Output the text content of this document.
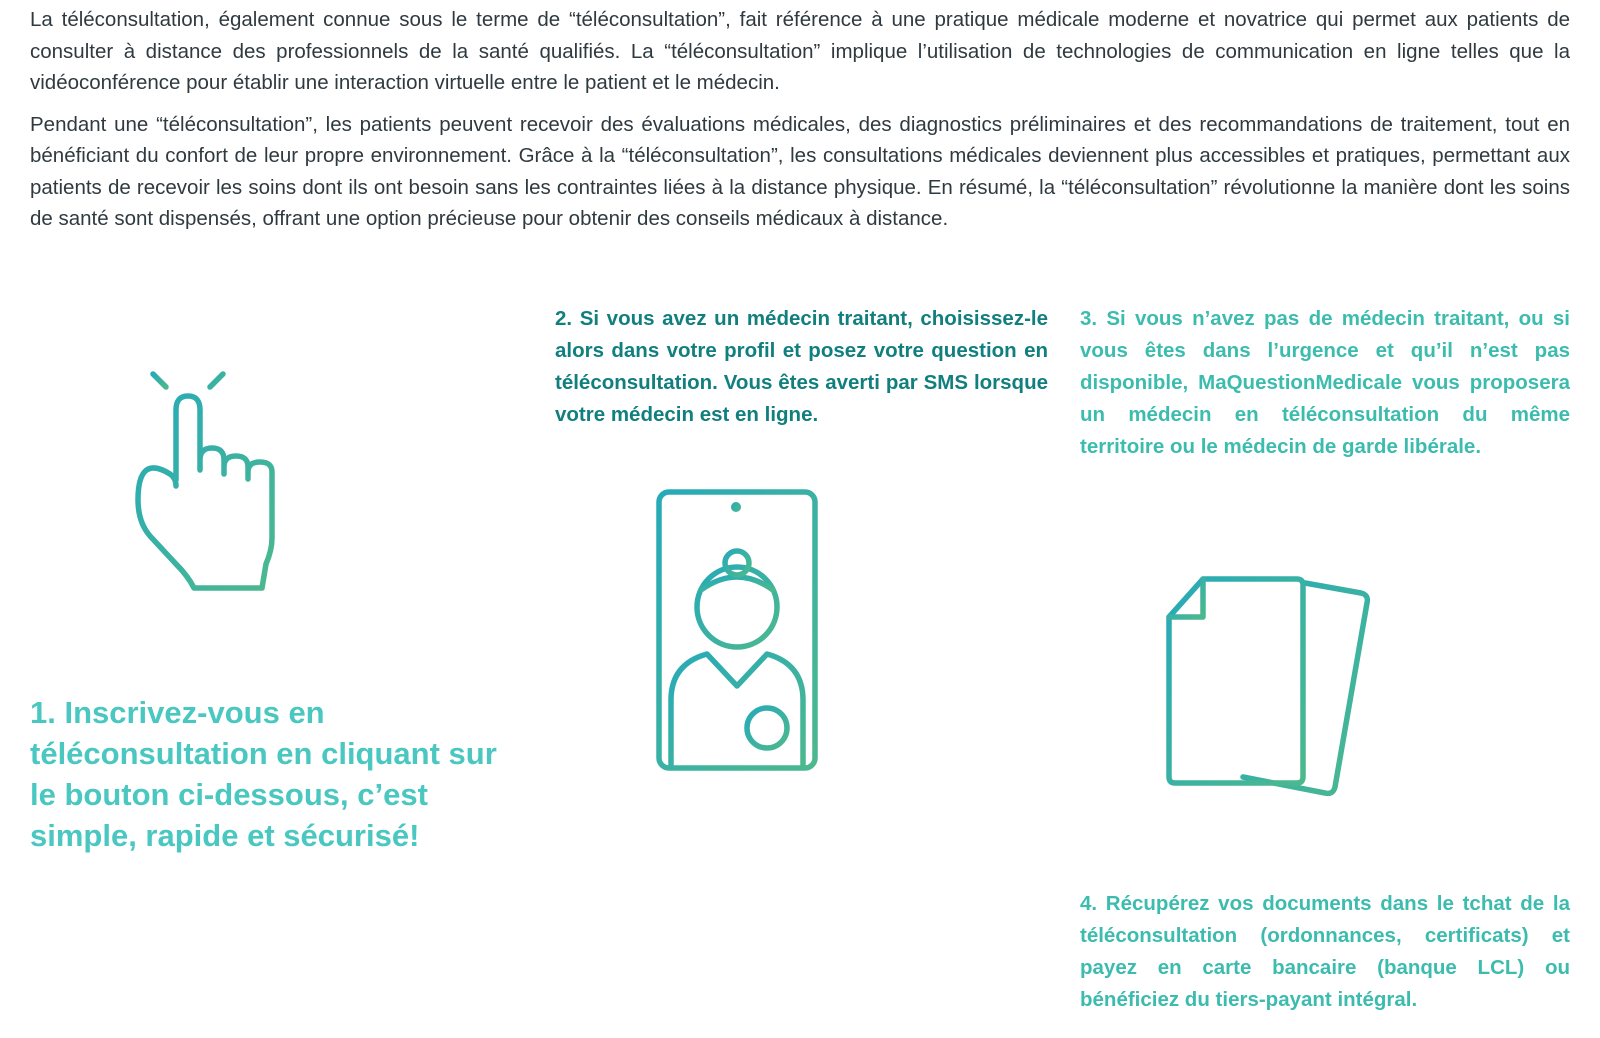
La téléconsultation, également connue sous le terme de “téléconsultation”, fait référence à une pratique médicale moderne et novatrice qui permet aux patients de consulter à distance des professionnels de la santé qualifiés. La “téléconsultation” implique l’utilisation de technologies de communication en ligne telles que la vidéoconférence pour établir une interaction virtuelle entre le patient et le médecin.

Pendant une “téléconsultation”, les patients peuvent recevoir des évaluations médicales, des diagnostics préliminaires et des recommandations de traitement, tout en bénéficiant du confort de leur propre environnement. Grâce à la “téléconsultation”, les consultations médicales deviennent plus accessibles et pratiques, permettant aux patients de recevoir les soins dont ils ont besoin sans les contraintes liées à la distance physique. En résumé, la “téléconsultation” révolutionne la manière dont les soins de santé sont dispensés, offrant une option précieuse pour obtenir des conseils médicaux à distance.

1. Inscrivez-vous en téléconsultation en cliquant sur le bouton ci-dessous, c’est simple, rapide et sécurisé!
2. Si vous avez un médecin traitant, choisissez-le alors dans votre profil et posez votre question en téléconsultation. Vous êtes averti par SMS lorsque votre médecin est en ligne.
3. Si vous n’avez pas de médecin traitant, ou si vous êtes dans l’urgence et qu’il n’est pas disponible, MaQuestionMedicale vous proposera un médecin en téléconsultation du même territoire ou le médecin de garde libérale.
4. Récupérez vos documents dans le tchat de la téléconsultation (ordonnances, certificats) et payez en carte bancaire (banque LCL) ou bénéficiez du tiers-payant intégral.
